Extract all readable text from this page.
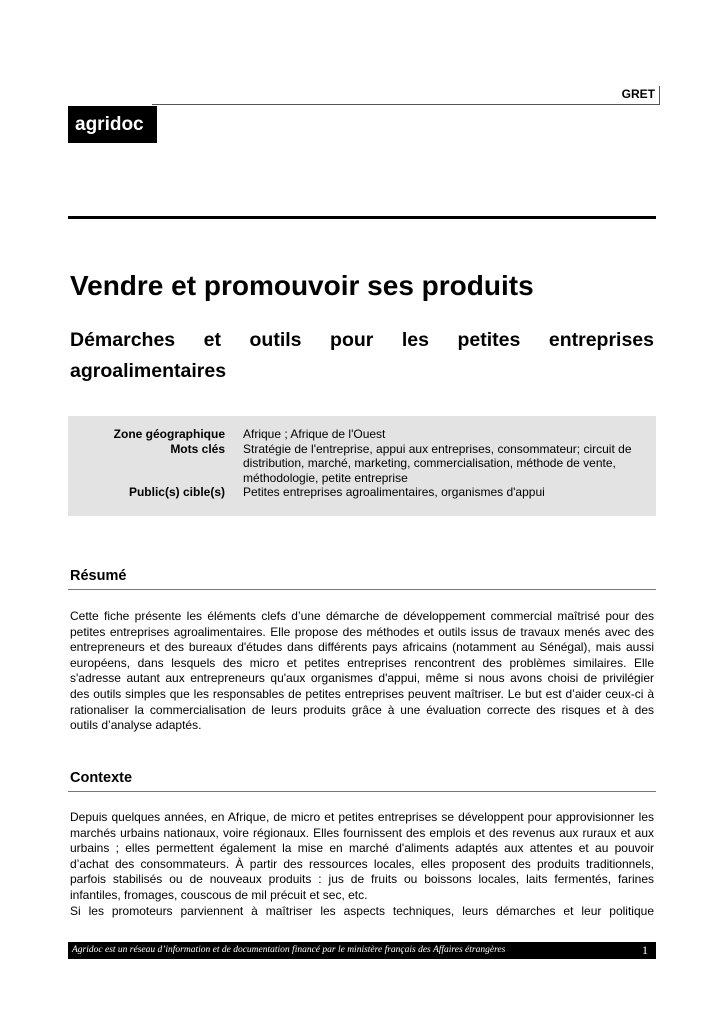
GRET
agridoc
Vendre et promouvoir ses produits
Démarches et outils pour les petites entreprises
agroalimentaires
Zone géographique Afrique ; Afrique de l'Ouest
Mots clés Stratégie de l'entreprise, appui aux entreprises, consommateur; circuit de
distribution, marché, marketing, commercialisation, méthode de vente,
méthodologie, petite entreprise
Public(s) cible(s) Petites entreprises agroalimentaires, organismes d'appui
Résumé
Cette fiche présente les éléments clefs d’une démarche de développement commercial maîtrisé pour des
petites entreprises agroalimentaires. Elle propose des méthodes et outils issus de travaux menés avec des
entrepreneurs et des bureaux d'études dans différents pays africains (notamment au Sénégal), mais aussi
européens, dans lesquels des micro et petites entreprises rencontrent des problèmes similaires. Elle
s'adresse autant aux entrepreneurs qu'aux organismes d'appui, même si nous avons choisi de privilégier
des outils simples que les responsables de petites entreprises peuvent maîtriser. Le but est d’aider ceux-ci à
rationaliser la commercialisation de leurs produits grâce à une évaluation correcte des risques et à des
outils d’analyse adaptés.
Contexte
Depuis quelques années, en Afrique, de micro et petites entreprises se développent pour approvisionner les
marchés urbains nationaux, voire régionaux. Elles fournissent des emplois et des revenus aux ruraux et aux
urbains ; elles permettent également la mise en marché d'aliments adaptés aux attentes et au pouvoir
d’achat des consommateurs. À partir des ressources locales, elles proposent des produits traditionnels,
parfois stabilisés ou de nouveaux produits : jus de fruits ou boissons locales, laits fermentés, farines
infantiles, fromages, couscous de mil précuit et sec, etc.
Si les promoteurs parviennent à maîtriser les aspects techniques, leurs démarches et leur politique
Agridoc est un réseau d’information et de documentation financé par le ministère français des Affaires étrangères	1
